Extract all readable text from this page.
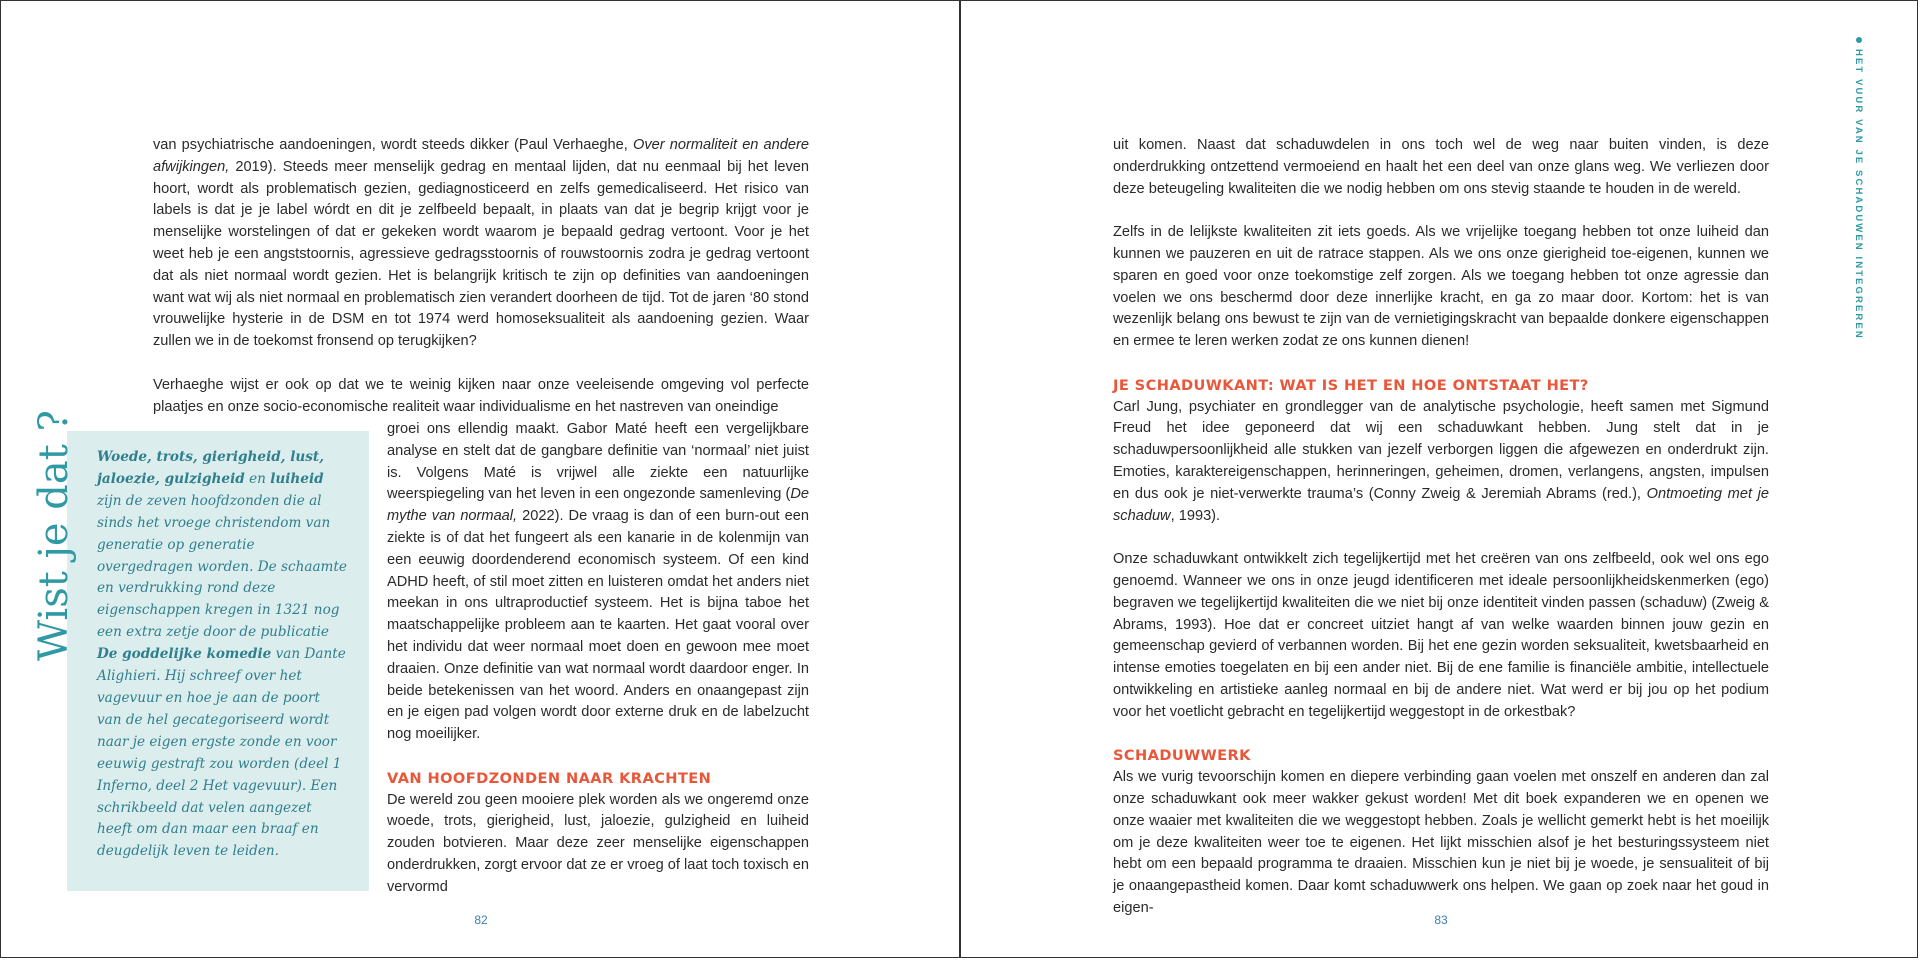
van psychiatrische aandoeningen, wordt steeds dikker (Paul Verhaeghe, Over normaliteit en andere afwijkingen, 2019). Steeds meer menselijk gedrag en mentaal lijden, dat nu eenmaal bij het leven hoort, wordt als problematisch gezien, gediagnosticeerd en zelfs gemedicaliseerd. Het risico van labels is dat je je label wórdt en dit je zelfbeeld bepaalt, in plaats van dat je begrip krijgt voor je menselijke worstelingen of dat er gekeken wordt waarom je bepaald gedrag vertoont. Voor je het weet heb je een angststoornis, agressieve gedragsstoornis of rouwstoornis zodra je gedrag vertoont dat als niet normaal wordt gezien. Het is belangrijk kritisch te zijn op definities van aandoeningen want wat wij als niet normaal en problematisch zien verandert doorheen de tijd. Tot de jaren ‘80 stond vrouwelijke hysterie in de DSM en tot 1974 werd homoseksualiteit als aandoening gezien. Waar zullen we in de toekomst fronsend op terugkijken?

Verhaeghe wijst er ook op dat we te weinig kijken naar onze veeleisende omgeving vol perfecte plaatjes en onze socio-economische realiteit waar individualisme en het nastreven van oneindige

groei ons ellendig maakt. Gabor Maté heeft een vergelijkbare analyse en stelt dat de gangbare definitie van ‘normaal’ niet juist is. Volgens Maté is vrijwel alle ziekte een natuurlijke weerspiegeling van het leven in een ongezonde samenleving (De mythe van normaal, 2022). De vraag is dan of een burn-out een ziekte is of dat het fungeert als een kanarie in de kolenmijn van een eeuwig doordenderend economisch systeem. Of een kind ADHD heeft, of stil moet zitten en luisteren omdat het anders niet meekan in ons ultraproductief systeem. Het is bijna taboe het maatschappelijke probleem aan te kaarten. Het gaat vooral over het individu dat weer normaal moet doen en gewoon mee moet draaien. Onze definitie van wat normaal wordt daardoor enger. In beide betekenissen van het woord. Anders en onaangepast zijn en je eigen pad volgen wordt door externe druk en de labelzucht nog moeilijker.

VAN HOOFDZONDEN NAAR KRACHTEN

De wereld zou geen mooiere plek worden als we ongeremd onze woede, trots, gierigheid, lust, jaloezie, gulzigheid en luiheid zouden botvieren. Maar deze zeer menselijke eigenschappen onderdrukken, zorgt ervoor dat ze er vroeg of laat toch toxisch en vervormd

Woede, trots, gierigheid, lust, jaloezie, gulzigheid en luiheid zijn de zeven hoofdzonden die al sinds het vroege christendom van generatie op generatie overgedragen worden. De schaamte en verdrukking rond deze eigenschappen kregen in 1321 nog een extra zetje door de publicatie De goddelijke komedie van Dante Alighieri. Hij schreef over het vagevuur en hoe je aan de poort van de hel gecategoriseerd wordt naar je eigen ergste zonde en voor eeuwig gestraft zou worden (deel 1 Inferno, deel 2 Het vagevuur). Een schrikbeeld dat velen aangezet heeft om dan maar een braaf en deugdelijk leven te leiden.
Wist je dat ?
82
HET VUUR VAN JE SCHADUWEN INTEGREREN

uit komen. Naast dat schaduwdelen in ons toch wel de weg naar buiten vinden, is deze onderdrukking ontzettend vermoeiend en haalt het een deel van onze glans weg. We verliezen door deze beteugeling kwaliteiten die we nodig hebben om ons stevig staande te houden in de wereld.

Zelfs in de lelijkste kwaliteiten zit iets goeds. Als we vrijelijke toegang hebben tot onze luiheid dan kunnen we pauzeren en uit de ratrace stappen. Als we ons onze gierigheid toe-eigenen, kunnen we sparen en goed voor onze toekomstige zelf zorgen. Als we toegang hebben tot onze agressie dan voelen we ons beschermd door deze innerlijke kracht, en ga zo maar door. Kortom: het is van wezenlijk belang ons bewust te zijn van de vernietigingskracht van bepaalde donkere eigenschappen en ermee te leren werken zodat ze ons kunnen dienen!

JE SCHADUWKANT: WAT IS HET EN HOE ONTSTAAT HET?

Carl Jung, psychiater en grondlegger van de analytische psychologie, heeft samen met Sigmund Freud het idee geponeerd dat wij een schaduwkant hebben. Jung stelt dat in je schaduwpersoonlijkheid alle stukken van jezelf verborgen liggen die afgewezen en onderdrukt zijn. Emoties, karaktereigenschappen, herinneringen, geheimen, dromen, verlangens, angsten, impulsen en dus ook je niet-verwerkte trauma’s (Conny Zweig & Jeremiah Abrams (red.), Ontmoeting met je schaduw, 1993).

Onze schaduwkant ontwikkelt zich tegelijkertijd met het creëren van ons zelfbeeld, ook wel ons ego genoemd. Wanneer we ons in onze jeugd identificeren met ideale persoonlijkheidskenmerken (ego) begraven we tegelijkertijd kwaliteiten die we niet bij onze identiteit vinden passen (schaduw) (Zweig & Abrams, 1993). Hoe dat er concreet uitziet hangt af van welke waarden binnen jouw gezin en gemeenschap gevierd of verbannen worden. Bij het ene gezin worden seksualiteit, kwetsbaarheid en intense emoties toegelaten en bij een ander niet. Bij de ene familie is financiële ambitie, intellectuele ontwikkeling en artistieke aanleg normaal en bij de andere niet. Wat werd er bij jou op het podium voor het voetlicht gebracht en tegelijkertijd weggestopt in de orkestbak?

SCHADUWWERK

Als we vurig tevoorschijn komen en diepere verbinding gaan voelen met onszelf en anderen dan zal onze schaduwkant ook meer wakker gekust worden! Met dit boek expanderen we en openen we onze waaier met kwaliteiten die we weggestopt hebben. Zoals je wellicht gemerkt hebt is het moeilijk om je deze kwaliteiten weer toe te eigenen. Het lijkt misschien alsof je het besturingssysteem niet hebt om een bepaald programma te draaien. Misschien kun je niet bij je woede, je sensualiteit of bij je onaangepastheid komen. Daar komt schaduwwerk ons helpen. We gaan op zoek naar het goud in eigen-

83
